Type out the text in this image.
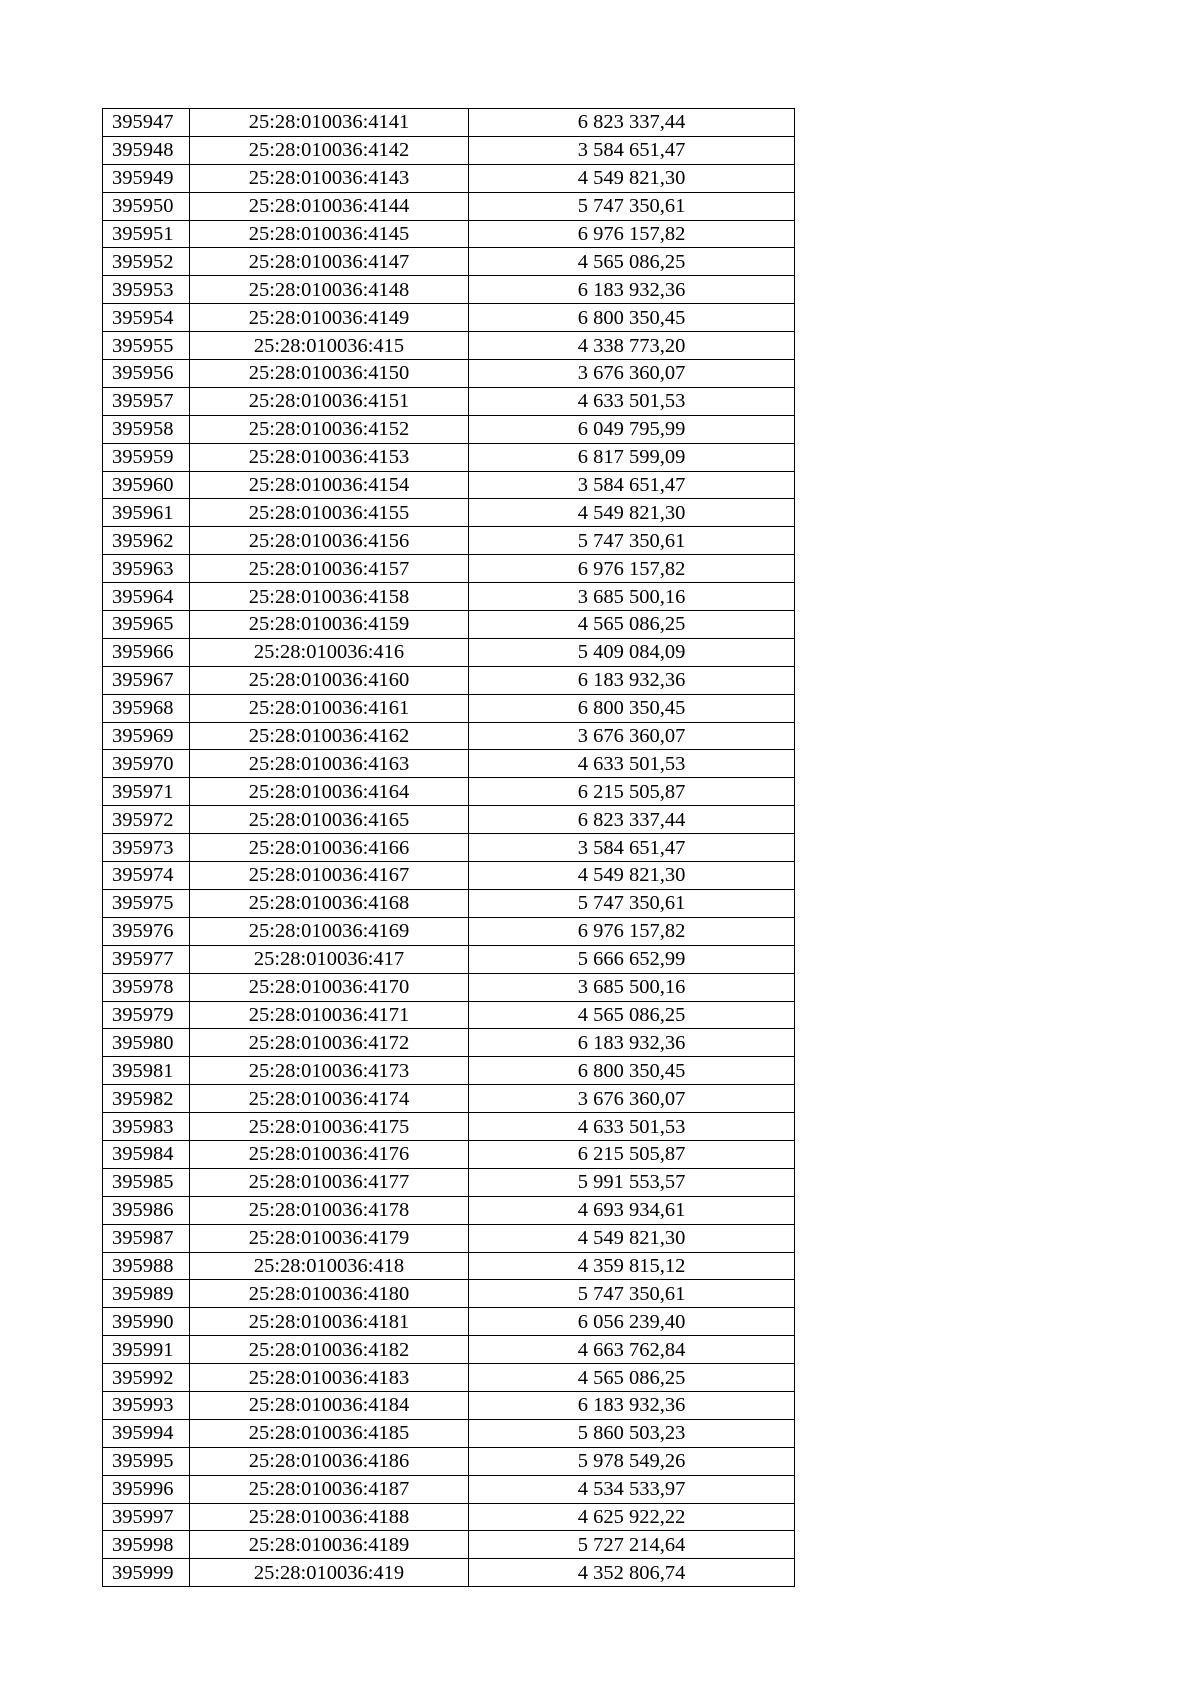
395947	25:28:010036:4141	6 823 337,44
395948	25:28:010036:4142	3 584 651,47
395949	25:28:010036:4143	4 549 821,30
395950	25:28:010036:4144	5 747 350,61
395951	25:28:010036:4145	6 976 157,82
395952	25:28:010036:4147	4 565 086,25
395953	25:28:010036:4148	6 183 932,36
395954	25:28:010036:4149	6 800 350,45
395955	25:28:010036:415	4 338 773,20
395956	25:28:010036:4150	3 676 360,07
395957	25:28:010036:4151	4 633 501,53
395958	25:28:010036:4152	6 049 795,99
395959	25:28:010036:4153	6 817 599,09
395960	25:28:010036:4154	3 584 651,47
395961	25:28:010036:4155	4 549 821,30
395962	25:28:010036:4156	5 747 350,61
395963	25:28:010036:4157	6 976 157,82
395964	25:28:010036:4158	3 685 500,16
395965	25:28:010036:4159	4 565 086,25
395966	25:28:010036:416	5 409 084,09
395967	25:28:010036:4160	6 183 932,36
395968	25:28:010036:4161	6 800 350,45
395969	25:28:010036:4162	3 676 360,07
395970	25:28:010036:4163	4 633 501,53
395971	25:28:010036:4164	6 215 505,87
395972	25:28:010036:4165	6 823 337,44
395973	25:28:010036:4166	3 584 651,47
395974	25:28:010036:4167	4 549 821,30
395975	25:28:010036:4168	5 747 350,61
395976	25:28:010036:4169	6 976 157,82
395977	25:28:010036:417	5 666 652,99
395978	25:28:010036:4170	3 685 500,16
395979	25:28:010036:4171	4 565 086,25
395980	25:28:010036:4172	6 183 932,36
395981	25:28:010036:4173	6 800 350,45
395982	25:28:010036:4174	3 676 360,07
395983	25:28:010036:4175	4 633 501,53
395984	25:28:010036:4176	6 215 505,87
395985	25:28:010036:4177	5 991 553,57
395986	25:28:010036:4178	4 693 934,61
395987	25:28:010036:4179	4 549 821,30
395988	25:28:010036:418	4 359 815,12
395989	25:28:010036:4180	5 747 350,61
395990	25:28:010036:4181	6 056 239,40
395991	25:28:010036:4182	4 663 762,84
395992	25:28:010036:4183	4 565 086,25
395993	25:28:010036:4184	6 183 932,36
395994	25:28:010036:4185	5 860 503,23
395995	25:28:010036:4186	5 978 549,26
395996	25:28:010036:4187	4 534 533,97
395997	25:28:010036:4188	4 625 922,22
395998	25:28:010036:4189	5 727 214,64
395999	25:28:010036:419	4 352 806,74
